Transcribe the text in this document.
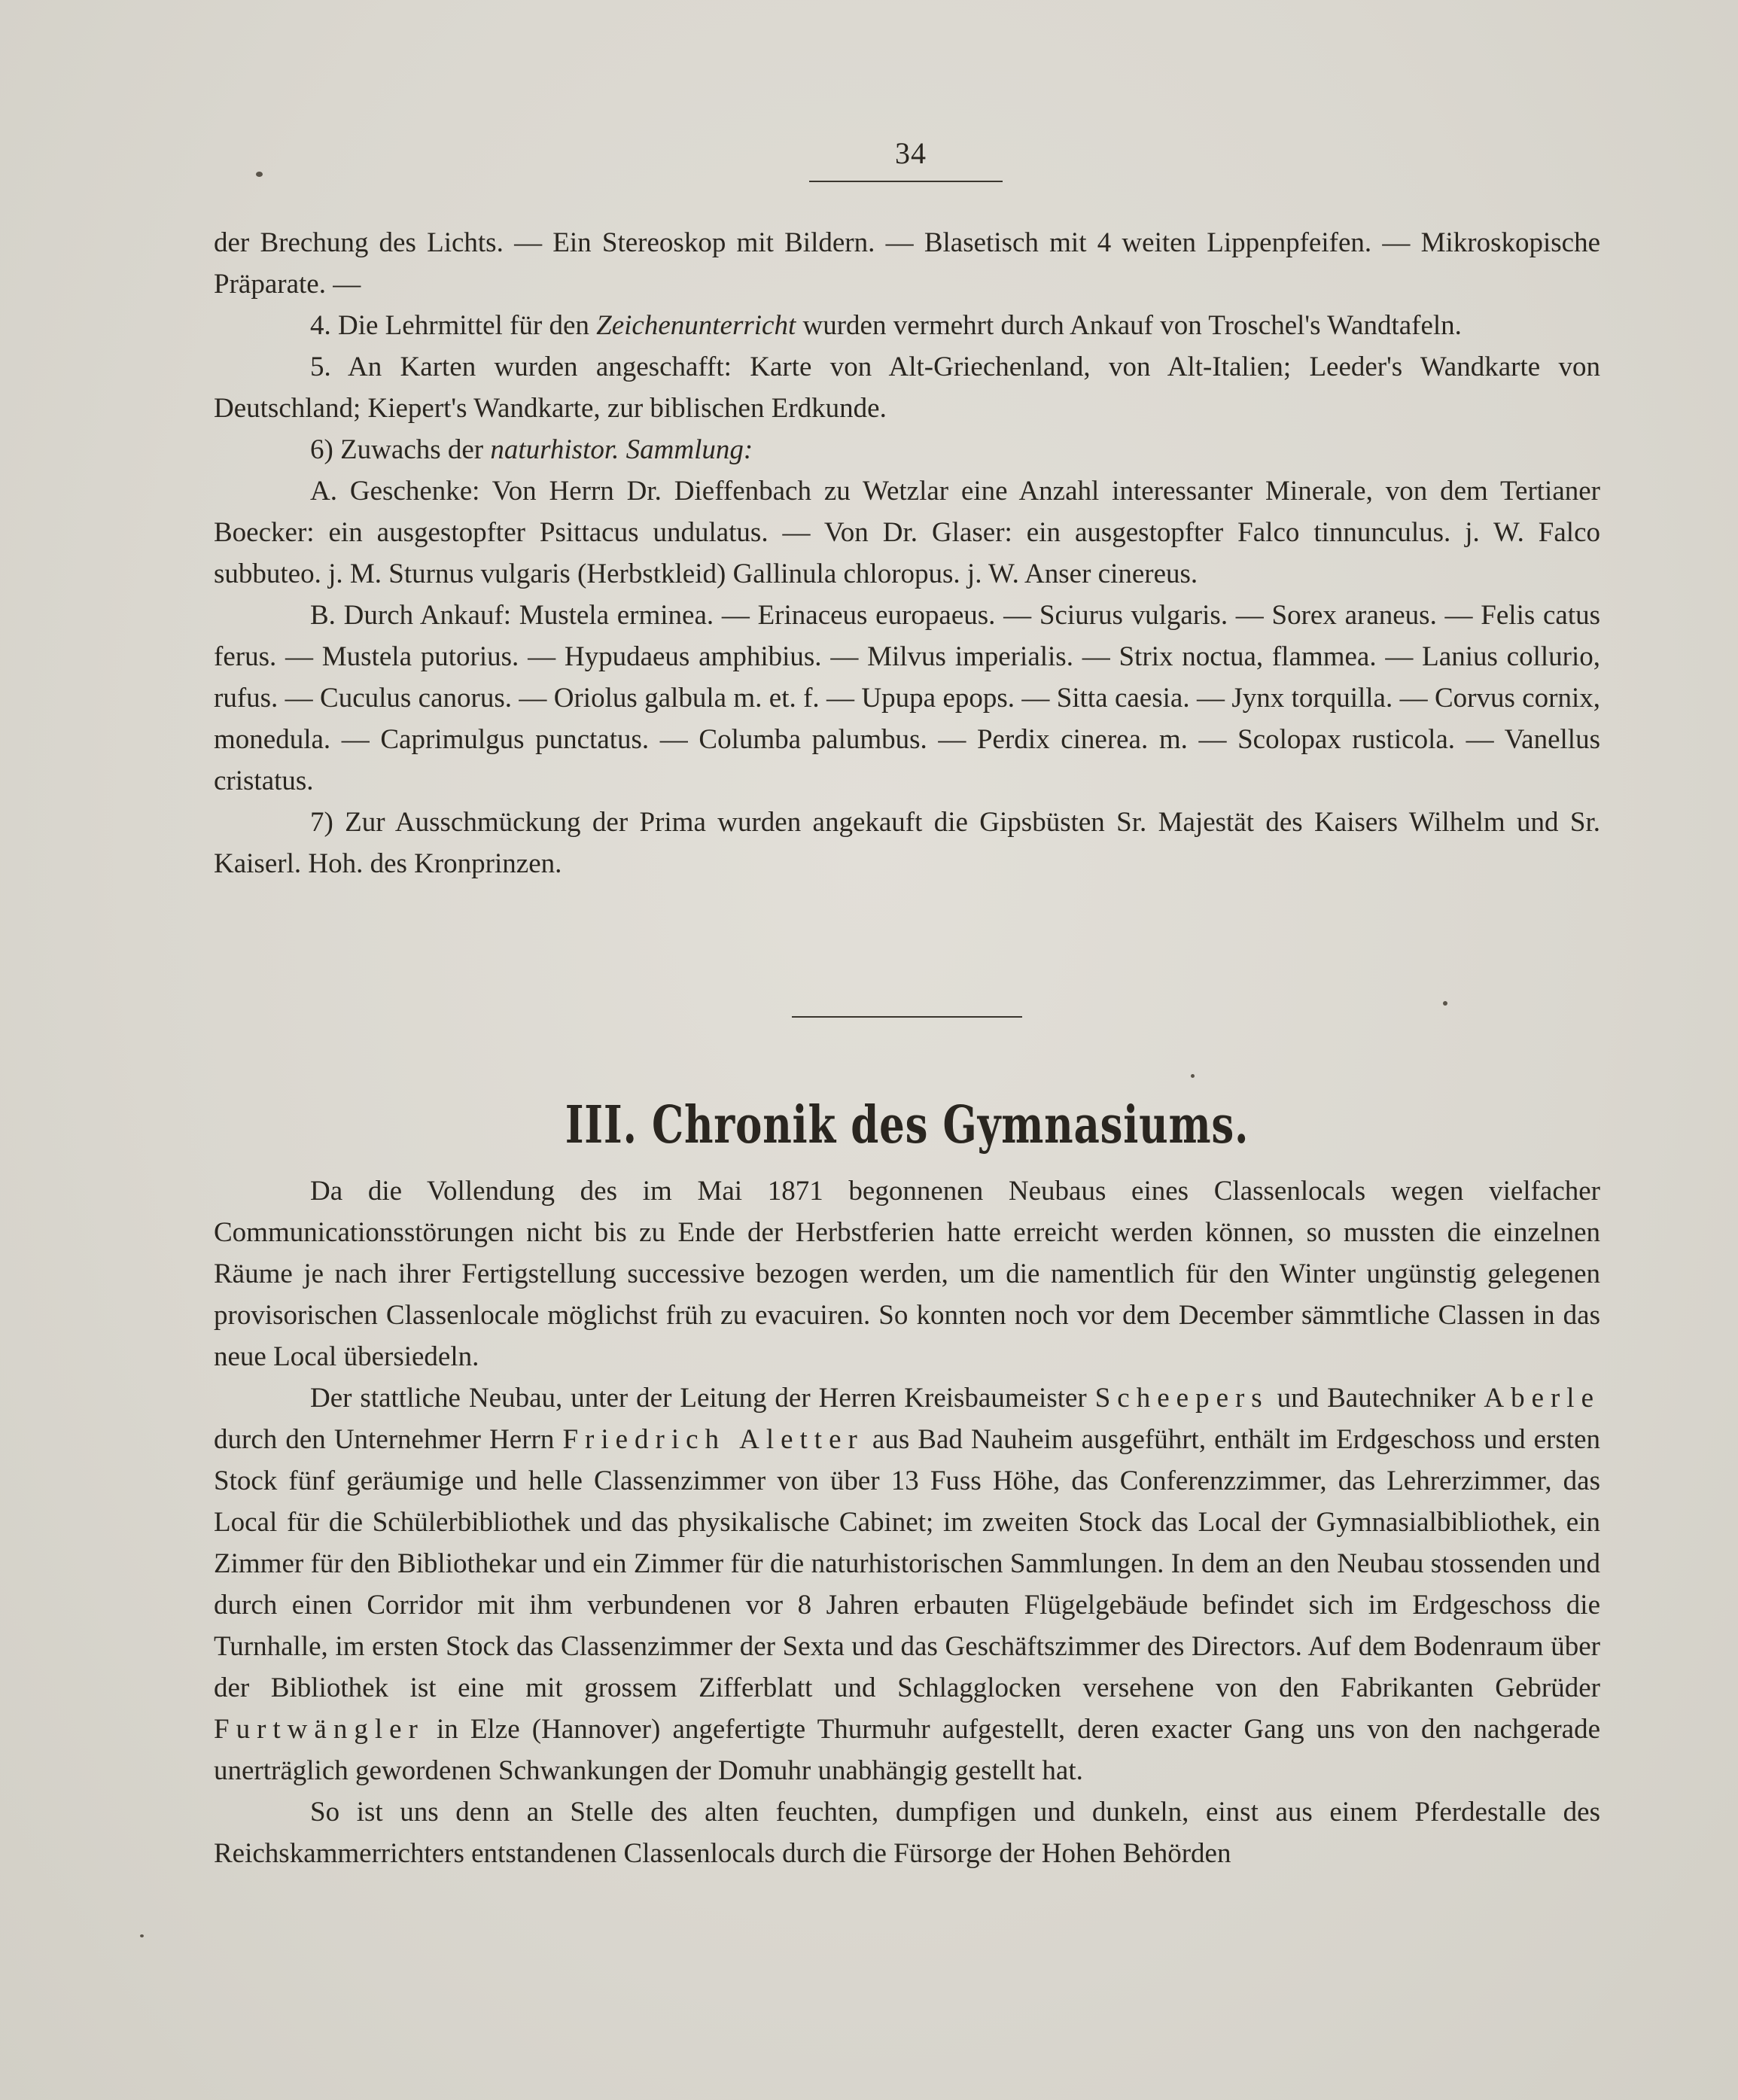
34

der Brechung des Lichts. — Ein Stereoskop mit Bildern. — Blasetisch mit 4 weiten Lippenpfeifen. — Mikroskopische Präparate. —

4. Die Lehrmittel für den Zeichenunterricht wurden vermehrt durch Ankauf von Troschel's Wandtafeln.

5. An Karten wurden angeschafft: Karte von Alt-Griechenland, von Alt-Italien; Leeder's Wandkarte von Deutschland; Kiepert's Wandkarte, zur biblischen Erdkunde.

6) Zuwachs der naturhistor. Sammlung:

A. Geschenke: Von Herrn Dr. Dieffenbach zu Wetzlar eine Anzahl interessanter Minerale, von dem Tertianer Boecker: ein ausgestopfter Psittacus undulatus. — Von Dr. Glaser: ein ausgestopfter Falco tinnunculus. j. W. Falco subbuteo. j. M. Sturnus vulgaris (Herbstkleid) Gallinula chloropus. j. W. Anser cinereus.

B. Durch Ankauf: Mustela erminea. — Erinaceus europaeus. — Sciurus vulgaris. — Sorex araneus. — Felis catus ferus. — Mustela putorius. — Hypudaeus amphibius. — Milvus imperialis. — Strix noctua, flammea. — Lanius collurio, rufus. — Cuculus canorus. — Oriolus galbula m. et. f. — Upupa epops. — Sitta caesia. — Jynx torquilla. — Corvus cornix, monedula. — Caprimulgus punctatus. — Columba palumbus. — Perdix cinerea. m. — Scolopax rusticola. — Vanellus cristatus.

7) Zur Ausschmückung der Prima wurden angekauft die Gipsbüsten Sr. Majestät des Kaisers Wilhelm und Sr. Kaiserl. Hoh. des Kronprinzen.

III. Chronik des Gymnasiums.

Da die Vollendung des im Mai 1871 begonnenen Neubaus eines Classenlocals wegen vielfacher Communicationsstörungen nicht bis zu Ende der Herbstferien hatte erreicht werden können, so mussten die einzelnen Räume je nach ihrer Fertigstellung successive bezogen werden, um die namentlich für den Winter ungünstig gelegenen provisorischen Classenlocale möglichst früh zu evacuiren. So konnten noch vor dem December sämmtliche Classen in das neue Local übersiedeln.

Der stattliche Neubau, unter der Leitung der Herren Kreisbaumeister Scheepers und Bautechniker Aberle durch den Unternehmer Herrn Friedrich Aletter aus Bad Nauheim ausgeführt, enthält im Erdgeschoss und ersten Stock fünf geräumige und helle Classenzimmer von über 13 Fuss Höhe, das Conferenzzimmer, das Lehrerzimmer, das Local für die Schülerbibliothek und das physikalische Cabinet; im zweiten Stock das Local der Gymnasialbibliothek, ein Zimmer für den Bibliothekar und ein Zimmer für die naturhistorischen Sammlungen. In dem an den Neubau stossenden und durch einen Corridor mit ihm verbundenen vor 8 Jahren erbauten Flügelgebäude befindet sich im Erdgeschoss die Turnhalle, im ersten Stock das Classenzimmer der Sexta und das Geschäftszimmer des Directors. Auf dem Bodenraum über der Bibliothek ist eine mit grossem Zifferblatt und Schlagglocken versehene von den Fabrikanten Gebrüder Furtwängler in Elze (Hannover) angefertigte Thurmuhr aufgestellt, deren exacter Gang uns von den nachgerade unerträglich gewordenen Schwankungen der Domuhr unabhängig gestellt hat.

So ist uns denn an Stelle des alten feuchten, dumpfigen und dunkeln, einst aus einem Pferdestalle des Reichskammerrichters entstandenen Classenlocals durch die Fürsorge der Hohen Behörden
